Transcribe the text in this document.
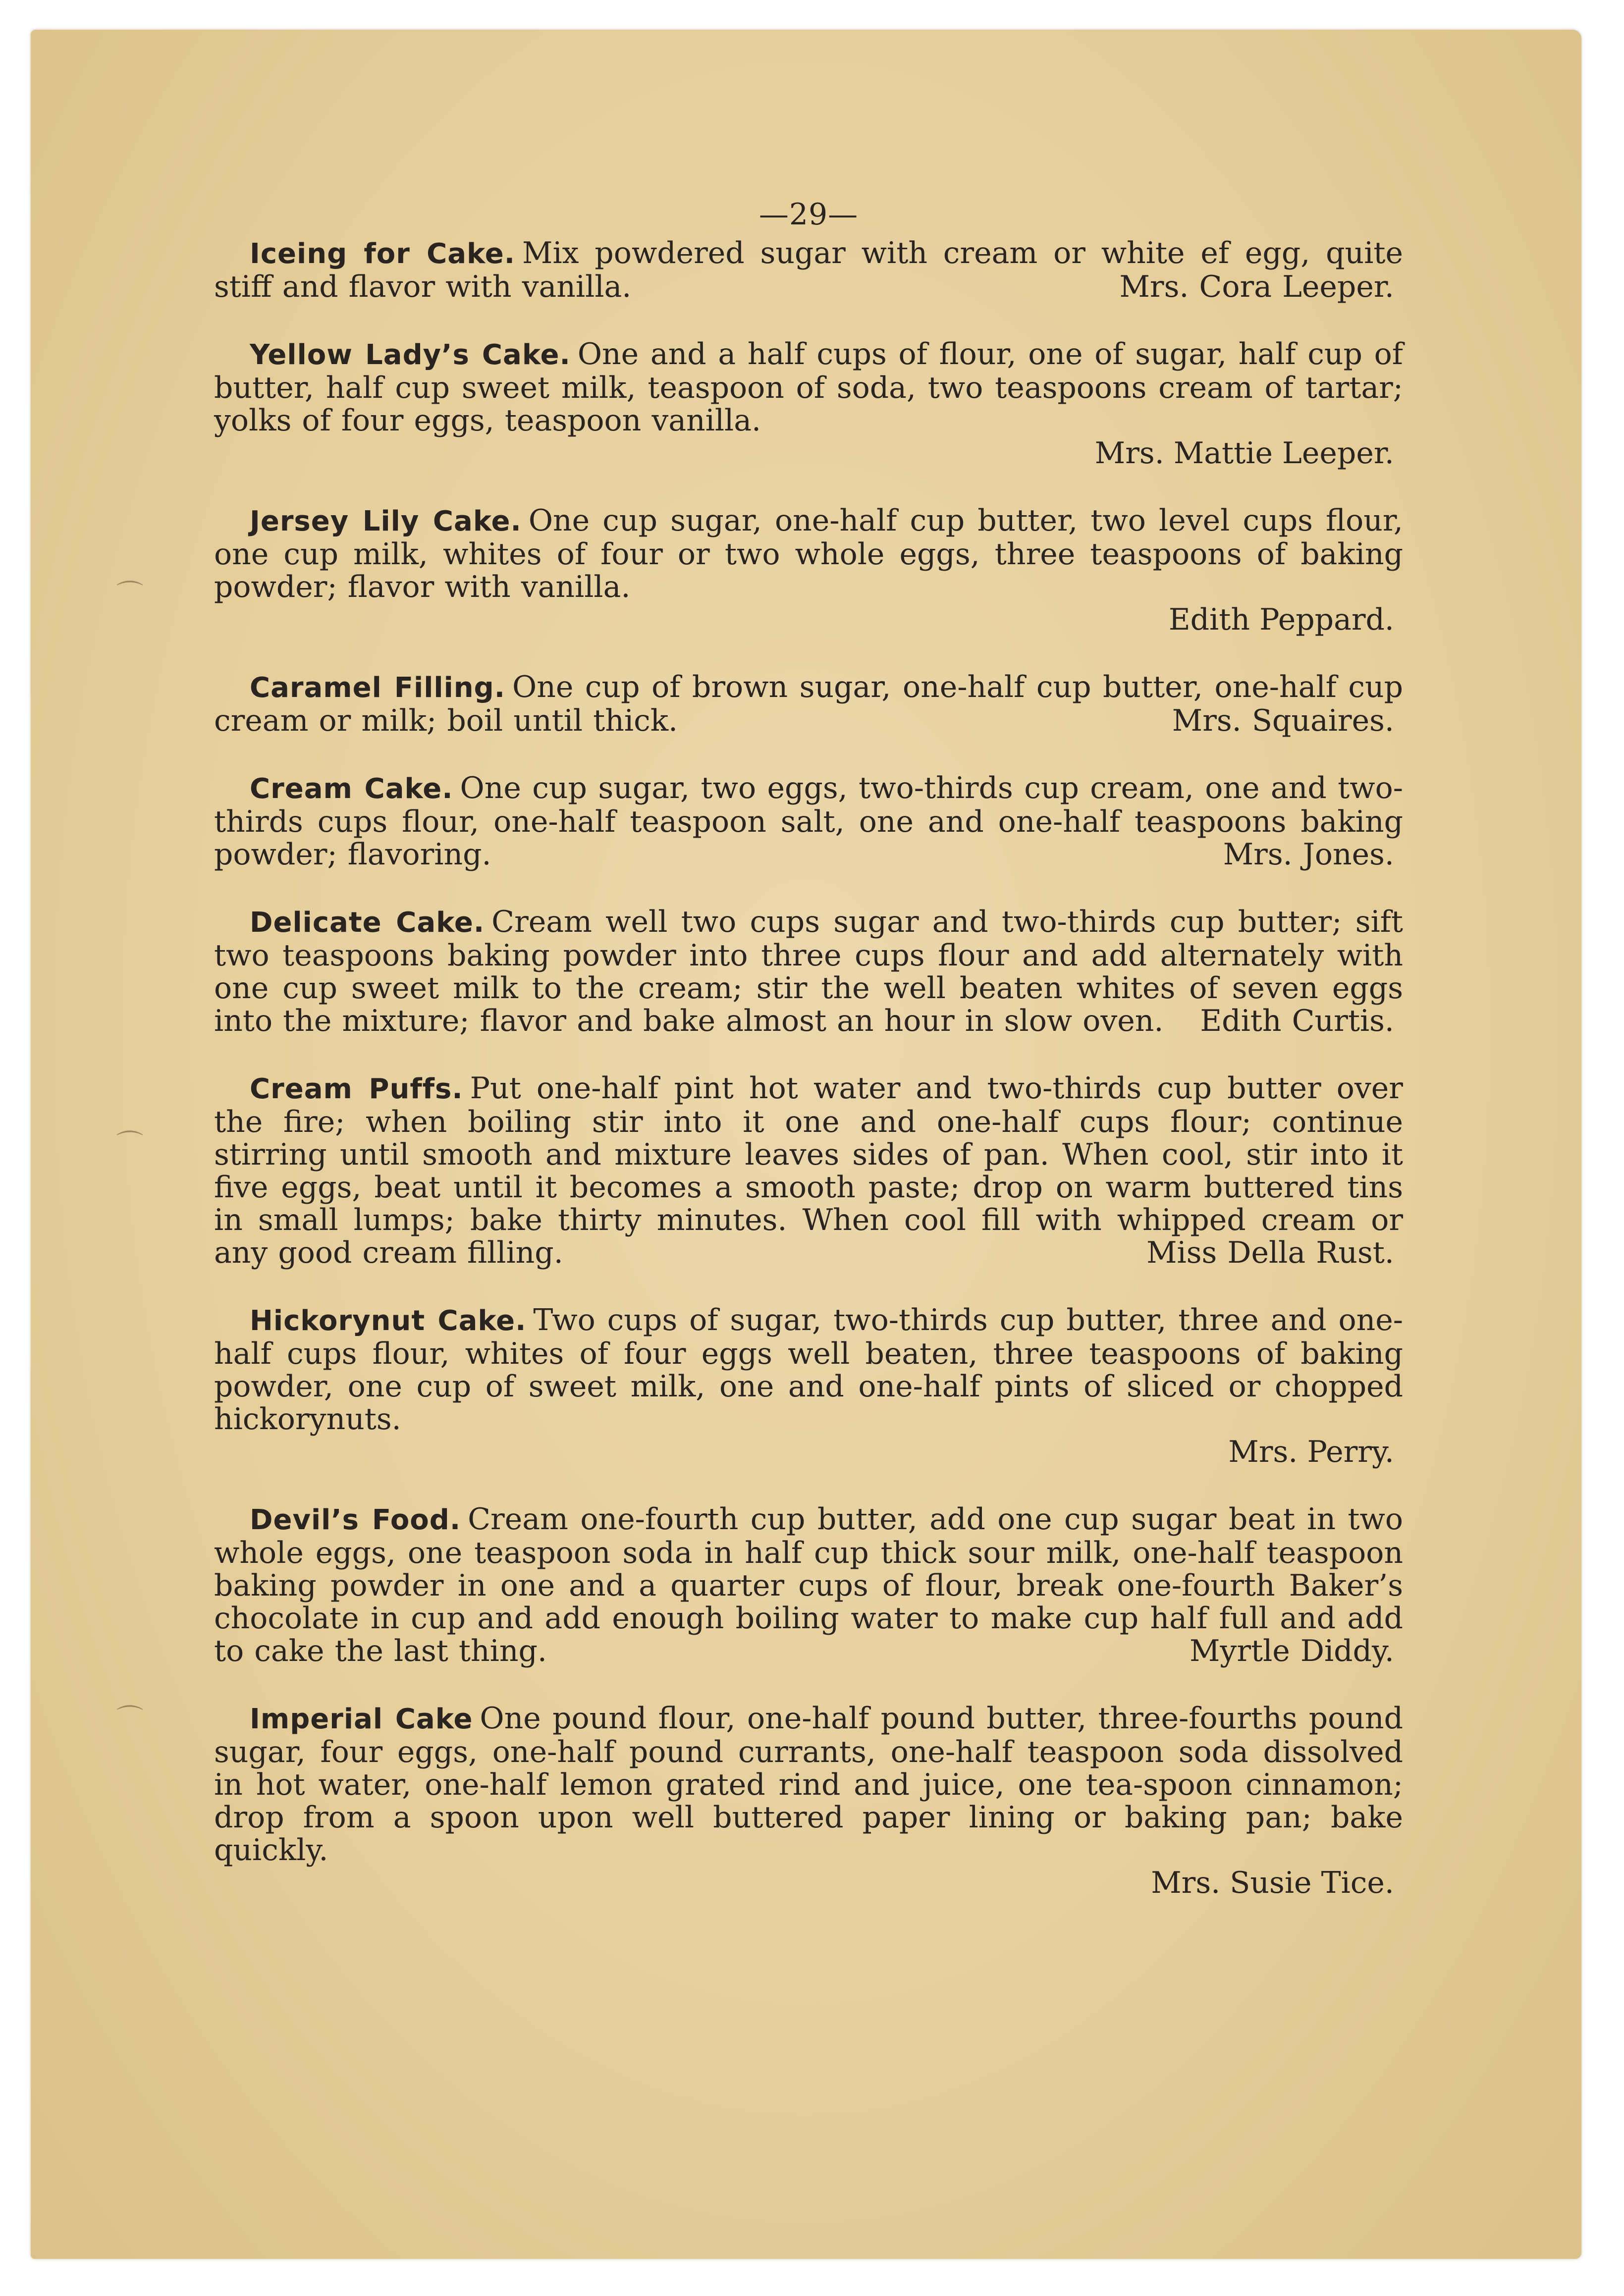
⌒
⌒
⌒
—29—

Iceing for Cake. Mix powdered sugar with cream or white ef egg, quite stiff and flavor with vanilla.	Mrs. Cora Leeper.

Yellow Lady’s Cake. One and a half cups of flour, one of sugar, half cup of butter, half cup sweet milk, teaspoon of soda, two teaspoons cream of tartar; yolks of four eggs, teaspoon vanilla.

Mrs. Mattie Leeper.

Jersey Lily Cake. One cup sugar, one-half cup butter, two level cups flour, one cup milk, whites of four or two whole eggs, three teaspoons of baking powder; flavor with vanilla.

Edith Peppard.

Caramel Filling. One cup of brown sugar, one-half cup butter, one-half cup cream or milk; boil until thick.	Mrs. Squaires.

Cream Cake. One cup sugar, two eggs, two-thirds cup cream, one and two-thirds cups flour, one-half teaspoon salt, one and one-half teaspoons baking powder; flavoring.	Mrs. Jones.

Delicate Cake. Cream well two cups sugar and two-thirds cup butter; sift two teaspoons baking powder into three cups flour and add alternately with one cup sweet milk to the cream; stir the well beaten whites of seven eggs into the mixture; flavor and bake almost an hour in slow oven.	Edith Curtis.

Cream Puffs. Put one-half pint hot water and two-thirds cup butter over the fire; when boiling stir into it one and one-half cups flour; continue stirring until smooth and mixture leaves sides of pan. When cool, stir into it five eggs, beat until it becomes a smooth paste; drop on warm buttered tins in small lumps; bake thirty minutes. When cool fill with whipped cream or any good cream filling.	Miss Della Rust.

Hickorynut Cake. Two cups of sugar, two-thirds cup butter, three and one-half cups flour, whites of four eggs well beaten, three teaspoons of baking powder, one cup of sweet milk, one and one-half pints of sliced or chopped hickorynuts.

Mrs. Perry.

Devil’s Food. Cream one-fourth cup butter, add one cup sugar beat in two whole eggs, one teaspoon soda in half cup thick sour milk, one-half teaspoon baking powder in one and a quarter cups of flour, break one-fourth Baker’s chocolate in cup and add enough boiling water to make cup half full and add to cake the last thing.	Myrtle Diddy.

Imperial Cake One pound flour, one-half pound butter, three-fourths pound sugar, four eggs, one-half pound currants, one-half teaspoon soda dissolved in hot water, one-half lemon grated rind and juice, one tea-spoon cinnamon; drop from a spoon upon well buttered paper lining or baking pan; bake quickly.

Mrs. Susie Tice.
